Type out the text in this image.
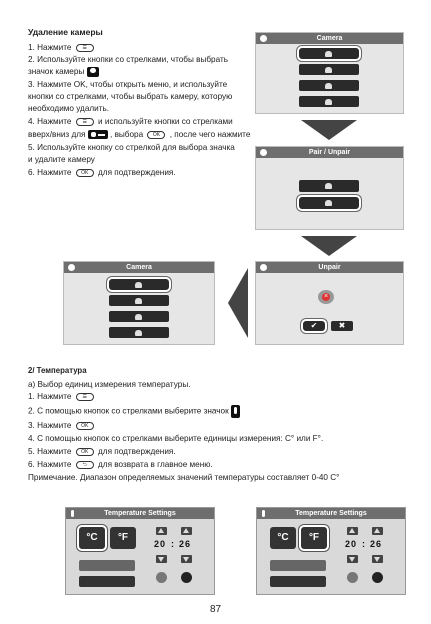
Удаление камеры
1. Нажмите ☰
2. Используйте кнопки со стрелками, чтобы выбрать
значок камеры
3. Нажмите OK, чтобы открыть меню, и используйте
кнопки со стрелками, чтобы выбрать камеру, которую
необходимо удалить.
4. Нажмите ☰ и используйте кнопки со стрелками
вверх/вниз для	, выбора OK , после чего нажмите
5. Используйте кнопку со стрелкой для выбора значка
и удалите камеру
6. Нажмите OK для подтверждения.
Camera
Pair / Unpair
Camera	Unpair
×
✔	✖
2/ Температура
а) Выбор единиц измерения температуры.
1. Нажмите ☰
2. С помощью кнопок со стрелками выберите значок
3. Нажмите OK
4. С помощью кнопок со стрелками выберите единицы измерения: C° или F°.
5. Нажмите OK для подтверждения.
6. Нажмите ⮌ для возврата в главное меню.
Примечание. Диапазон определяемых значений температуры составляет 0-40 C°
Temperature Settings
°C	°F
20 : 26
Temperature Settings
°C	°F
20 : 26
87
